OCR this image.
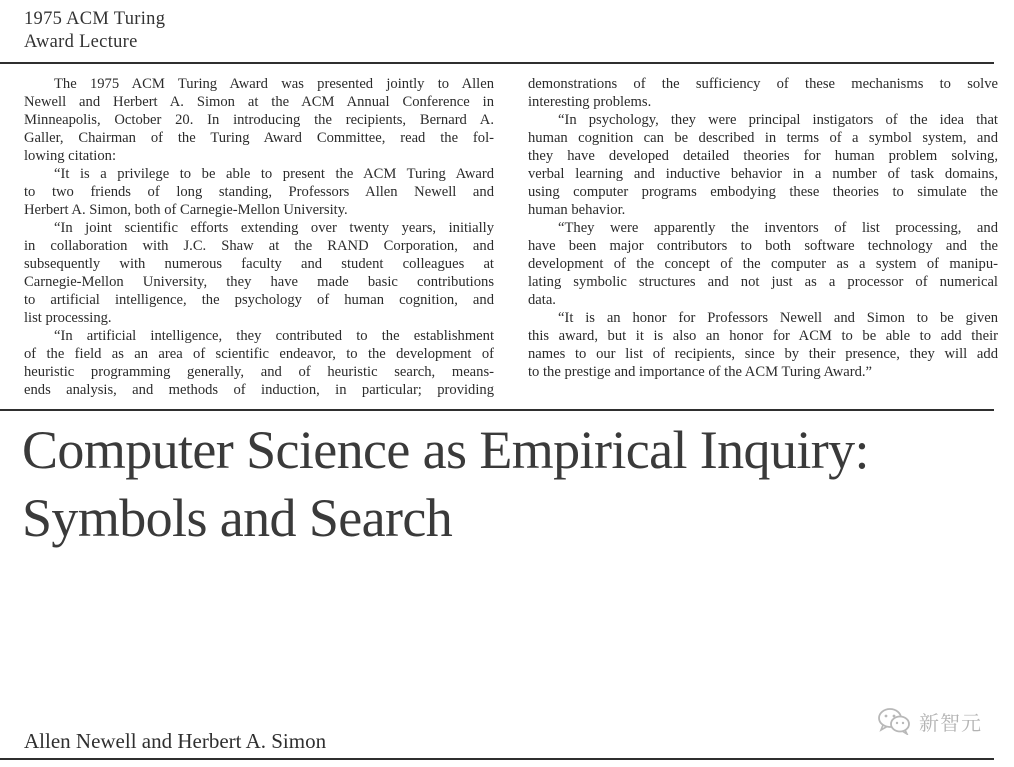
1975 ACM Turing
Award Lecture
The 1975 ACM Turing Award was presented jointly to Allen
Newell and Herbert A. Simon at the ACM Annual Conference in
Minneapolis, October 20. In introducing the recipients, Bernard A.
Galler, Chairman of the Turing Award Committee, read the fol-
lowing citation:
“It is a privilege to be able to present the ACM Turing Award
to two friends of long standing, Professors Allen Newell and
Herbert A. Simon, both of Carnegie-Mellon University.
“In joint scientific efforts extending over twenty years, initially
in collaboration with J.C. Shaw at the RAND Corporation, and
subsequently with numerous faculty and student colleagues at
Carnegie-Mellon University, they have made basic contributions
to artificial intelligence, the psychology of human cognition, and
list processing.
“In artificial intelligence, they contributed to the establishment
of the field as an area of scientific endeavor, to the development of
heuristic programming generally, and of heuristic search, means-
ends analysis, and methods of induction, in particular; providing
demonstrations of the sufficiency of these mechanisms to solve
interesting problems.
“In psychology, they were principal instigators of the idea that
human cognition can be described in terms of a symbol system, and
they have developed detailed theories for human problem solving,
verbal learning and inductive behavior in a number of task domains,
using computer programs embodying these theories to simulate the
human behavior.
“They were apparently the inventors of list processing, and
have been major contributors to both software technology and the
development of the concept of the computer as a system of manipu-
lating symbolic structures and not just as a processor of numerical
data.
“It is an honor for Professors Newell and Simon to be given
this award, but it is also an honor for ACM to be able to add their
names to our list of recipients, since by their presence, they will add
to the prestige and importance of the ACM Turing Award.”
Computer Science as Empirical Inquiry:
Symbols and Search
新智元
Allen Newell and Herbert A. Simon
